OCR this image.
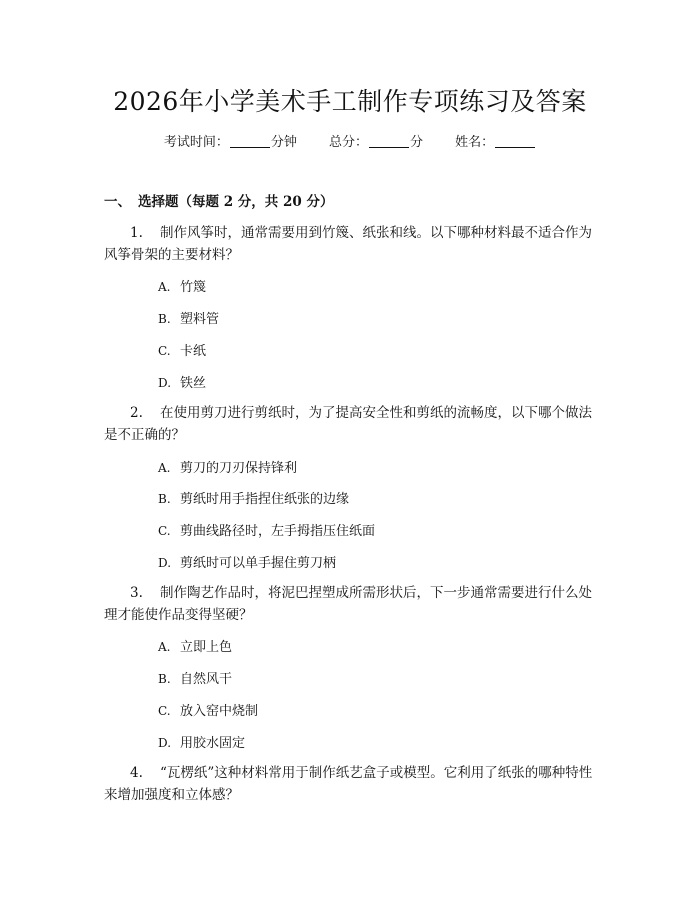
2026年小学美术手工制作专项练习及答案
考试时间：	分钟 总分：	分 姓名：
一、 选择题（每题 2 分，共 20 分）
1. 制作风筝时，通常需要用到竹篾、纸张和线。以下哪种材料最不适合作为风筝骨架的主要材料？
A. 竹篾
B. 塑料管
C. 卡纸
D. 铁丝
2. 在使用剪刀进行剪纸时，为了提高安全性和剪纸的流畅度，以下哪个做法是不正确的？
A. 剪刀的刀刃保持锋利
B. 剪纸时用手指捏住纸张的边缘
C. 剪曲线路径时，左手拇指压住纸面
D. 剪纸时可以单手握住剪刀柄
3. 制作陶艺作品时，将泥巴捏塑成所需形状后，下一步通常需要进行什么处理才能使作品变得坚硬？
A. 立即上色
B. 自然风干
C. 放入窑中烧制
D. 用胶水固定
4. “瓦楞纸”这种材料常用于制作纸艺盒子或模型。它利用了纸张的哪种特性来增加强度和立体感？
